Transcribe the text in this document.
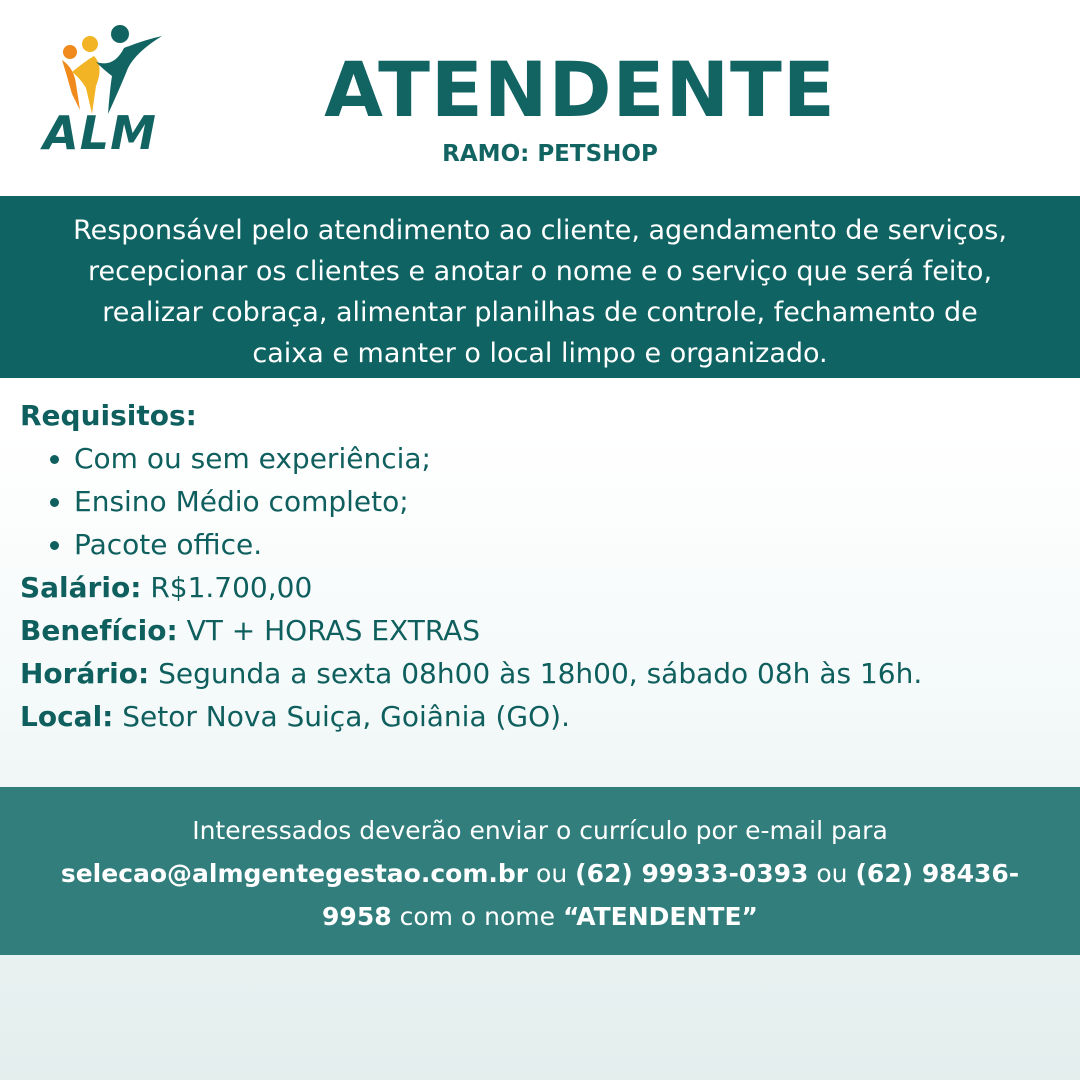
ALM	ATENDENTE
RAMO: PETSHOP
Responsável pelo atendimento ao cliente, agendamento de serviços,
recepcionar os clientes e anotar o nome e o serviço que será feito,
realizar cobraça, alimentar planilhas de controle, fechamento de
caixa e manter o local limpo e organizado.
Requisitos:
• Com ou sem experiência;
• Ensino Médio completo;
• Pacote office.
Salário: R$1.700,00
Benefício: VT + HORAS EXTRAS
Horário: Segunda a sexta 08h00 às 18h00, sábado 08h às 16h.
Local: Setor Nova Suiça, Goiânia (GO).
Interessados deverão enviar o currículo por e-mail para
selecao@almgentegestao.com.br ou (62) 99933-0393 ou (62) 98436-
9958 com o nome “ATENDENTE”
